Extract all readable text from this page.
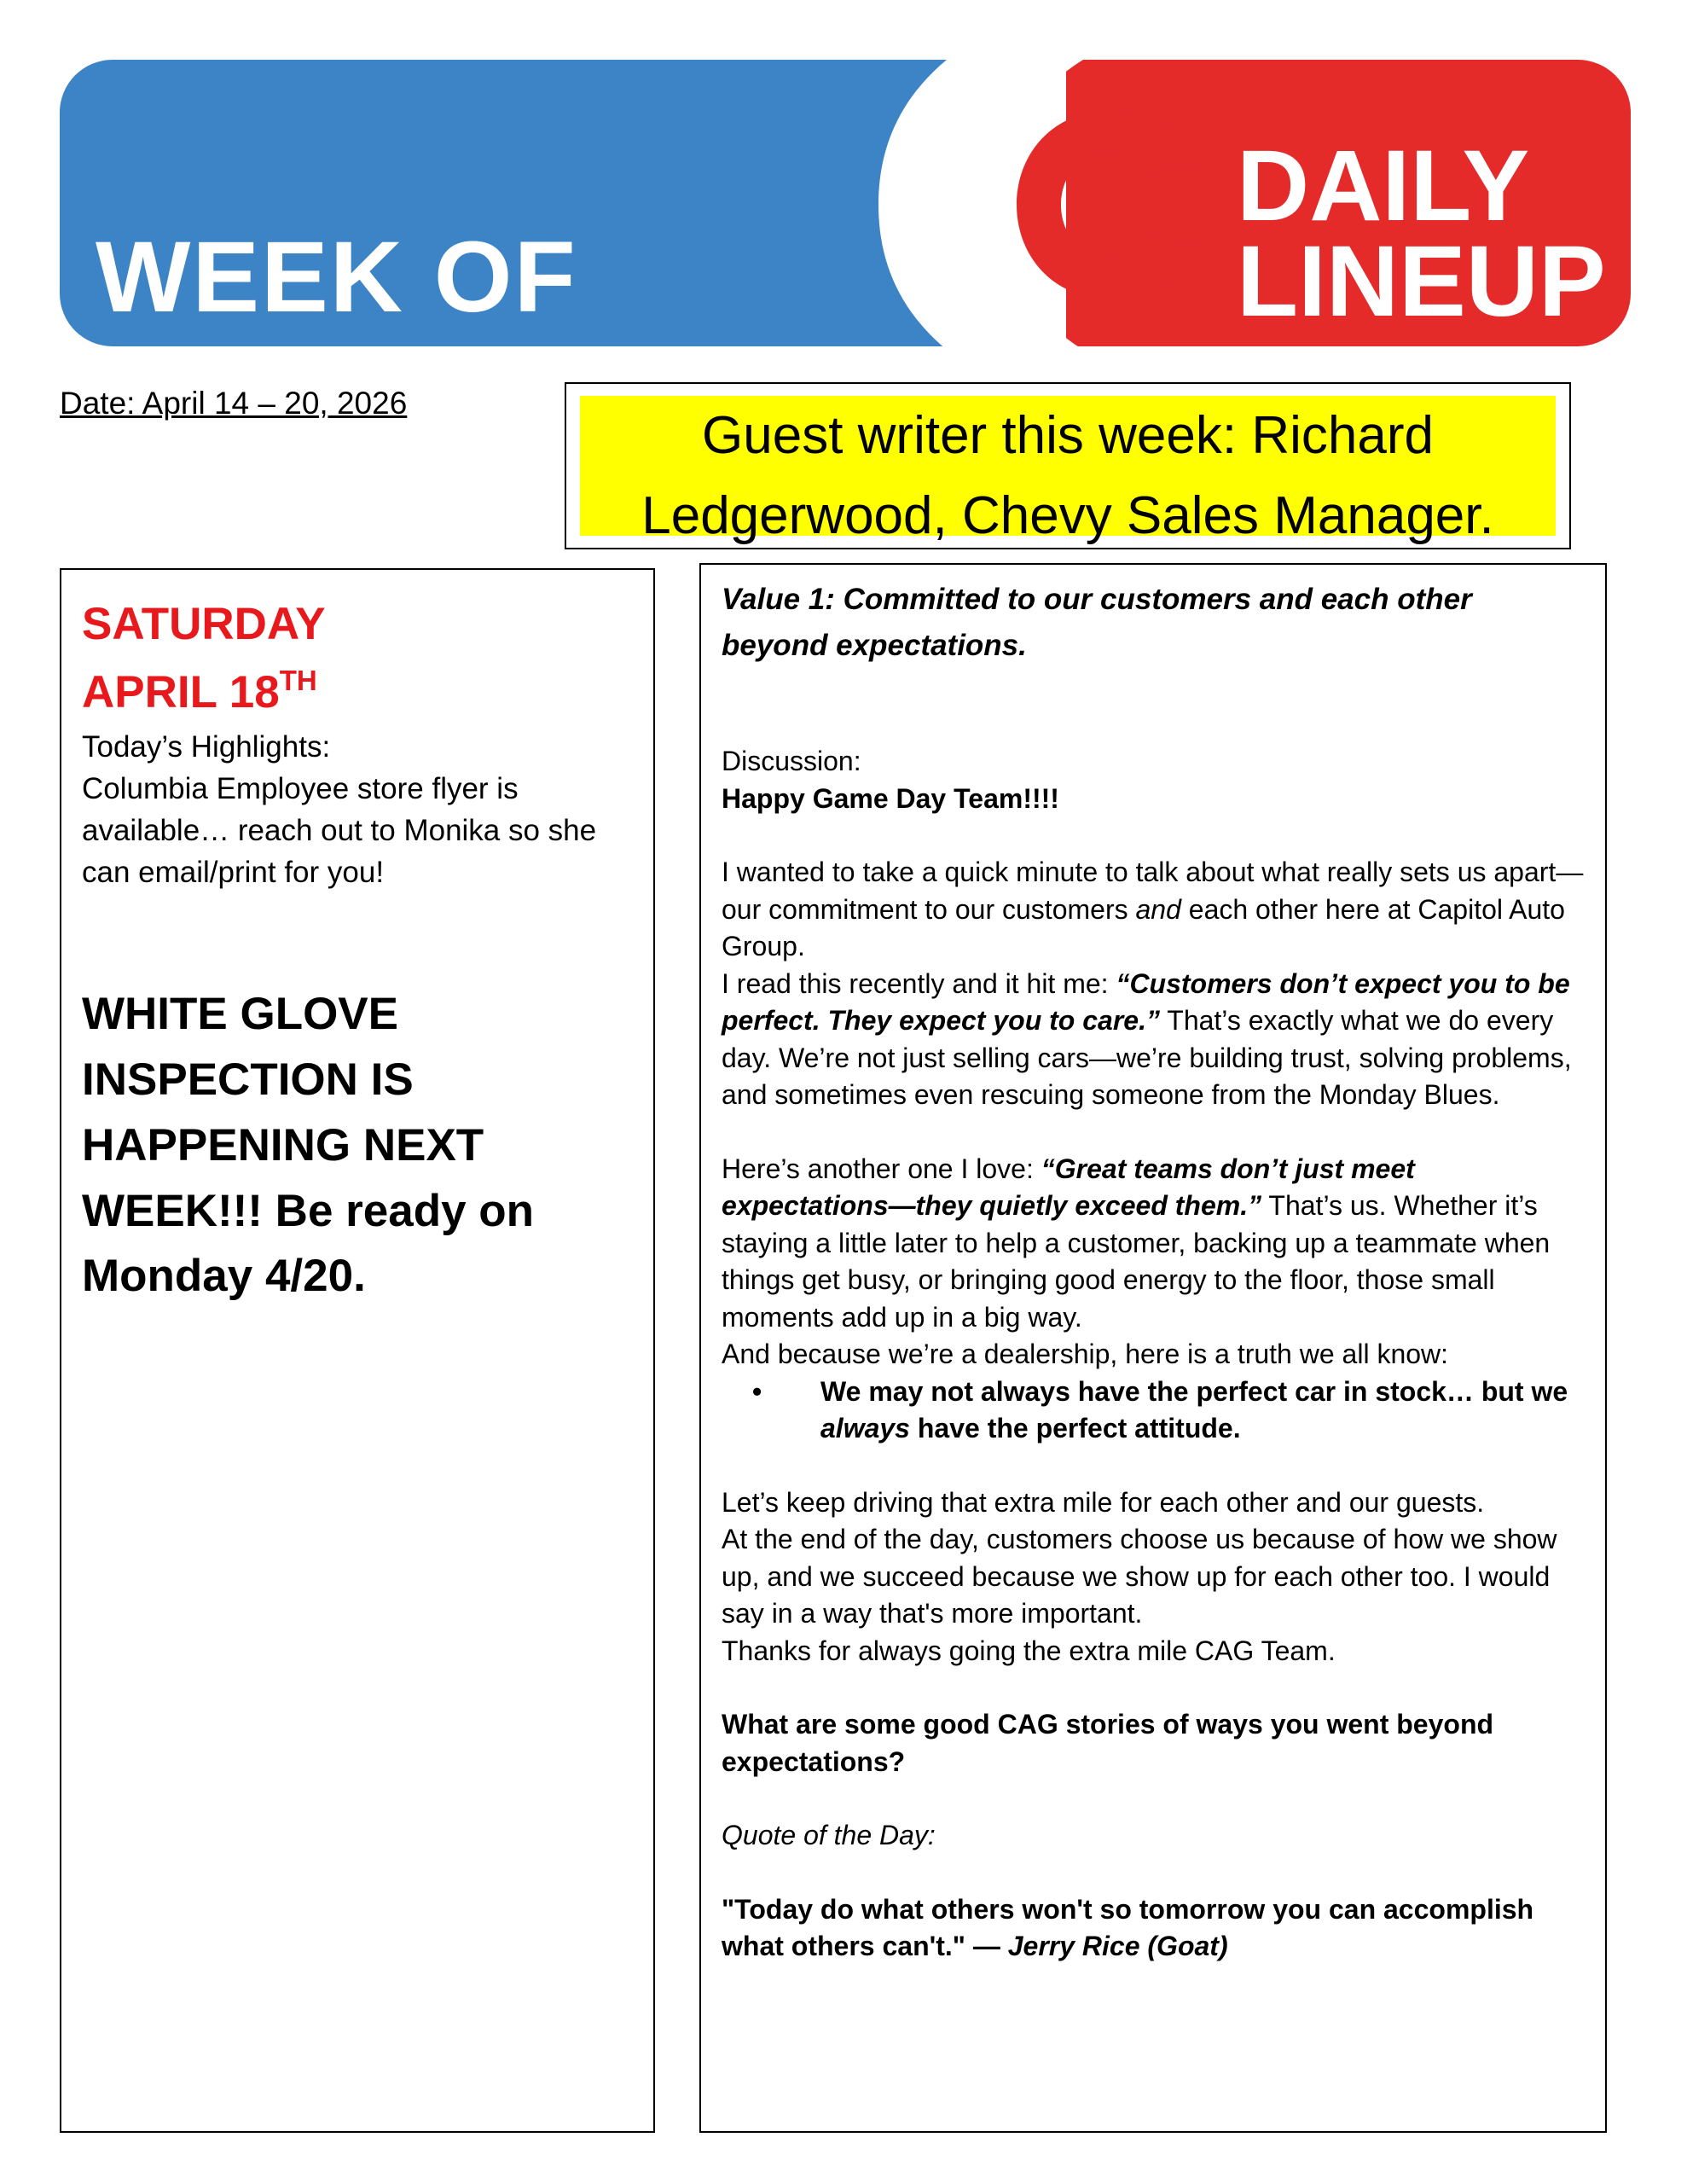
WEEK OF
DAILY
LINEUP
Date: April 14 – 20, 2026
Guest writer this week: Richard
Ledgerwood, Chevy Sales Manager.
SATURDAY
APRIL 18TH
Today’s Highlights:
Columbia Employee store flyer is available… reach out to Monika so she can email/print for you!
WHITE GLOVE INSPECTION IS HAPPENING NEXT WEEK!!! Be ready on Monday 4/20.

Value 1: Committed to our customers and each other beyond expectations.

Discussion:

Happy Game Day Team!!!!

I wanted to take a quick minute to talk about what really sets us apart—our commitment to our customers and each other here at Capitol Auto Group.

I read this recently and it hit me: “Customers don’t expect you to be perfect. They expect you to care.” That’s exactly what we do every day. We’re not just selling cars—we’re building trust, solving problems, and sometimes even rescuing someone from the Monday Blues.

Here’s another one I love: “Great teams don’t just meet expectations—they quietly exceed them.” That’s us. Whether it’s staying a little later to help a customer, backing up a teammate when things get busy, or bringing good energy to the floor, those small moments add up in a big way.

And because we’re a dealership, here is a truth we all know:

•	We may not always have the perfect car in stock… but we always have the perfect attitude.

Let’s keep driving that extra mile for each other and our guests.

At the end of the day, customers choose us because of how we show up, and we succeed because we show up for each other too. I would say in a way that's more important.

Thanks for always going the extra mile CAG Team.

What are some good CAG stories of ways you went beyond expectations?

Quote of the Day:

"Today do what others won't so tomorrow you can accomplish what others can't." — Jerry Rice (Goat)
